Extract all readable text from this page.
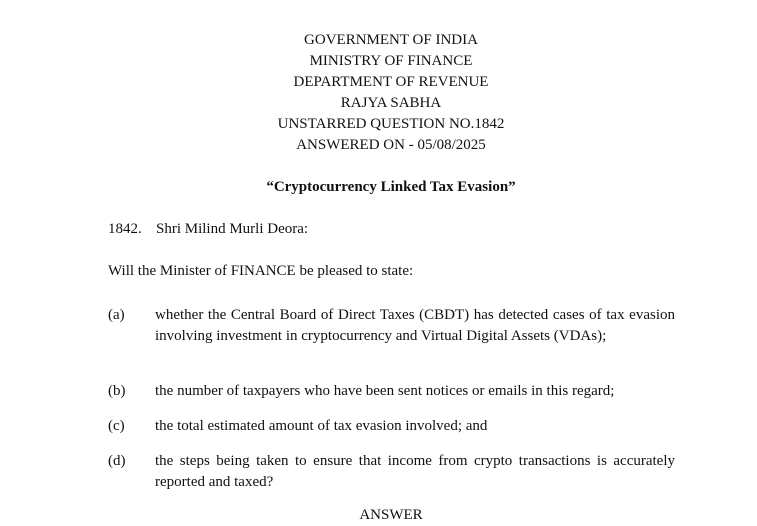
GOVERNMENT OF INDIA
MINISTRY OF FINANCE
DEPARTMENT OF REVENUE
RAJYA SABHA
UNSTARRED QUESTION NO.1842
ANSWERED ON - 05/08/2025
“Cryptocurrency Linked Tax Evasion”
1842. Shri Milind Murli Deora:
Will the Minister of FINANCE be pleased to state:
(a) whether the Central Board of Direct Taxes (CBDT) has detected cases of tax evasion involving investment in cryptocurrency and Virtual Digital Assets (VDAs);
(b) the number of taxpayers who have been sent notices or emails in this regard;
(c) the total estimated amount of tax evasion involved; and
(d) the steps being taken to ensure that income from crypto transactions is accurately reported and taxed?
ANSWER
